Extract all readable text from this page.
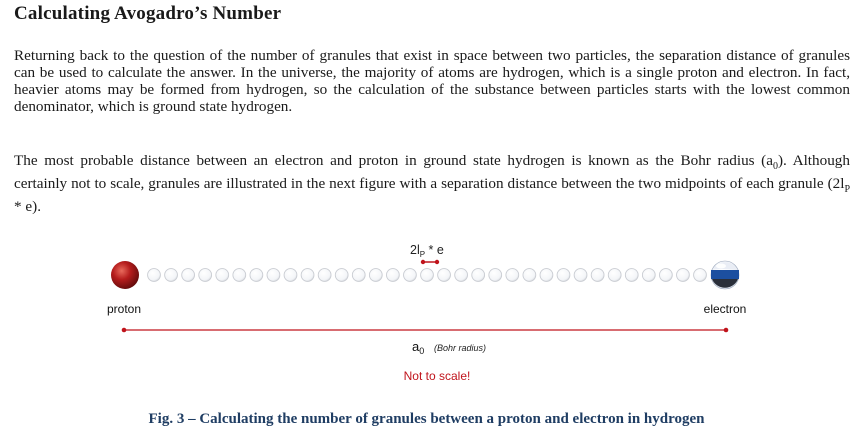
Calculating Avogadro’s Number

Returning back to the question of the number of granules that exist in space between two particles, the separation distance of granules can be used to calculate the answer. In the universe, the majority of atoms are hydrogen, which is a single proton and electron. In fact, heavier atoms may be formed from hydrogen, so the calculation of the substance between particles starts with the lowest common denominator, which is ground state hydrogen.

The most probable distance between an electron and proton in ground state hydrogen is known as the Bohr radius $(a_0)$. Although certainly not to scale, granules are illustrated in the next figure with a separation distance between the two midpoints of each granule $(2l_P * e)$.

$2l_P$ * e
proton	electron
$a_0$ (Bohr radius)
Not to scale!

Fig. 3 – Calculating the number of granules between a proton and electron in hydrogen
